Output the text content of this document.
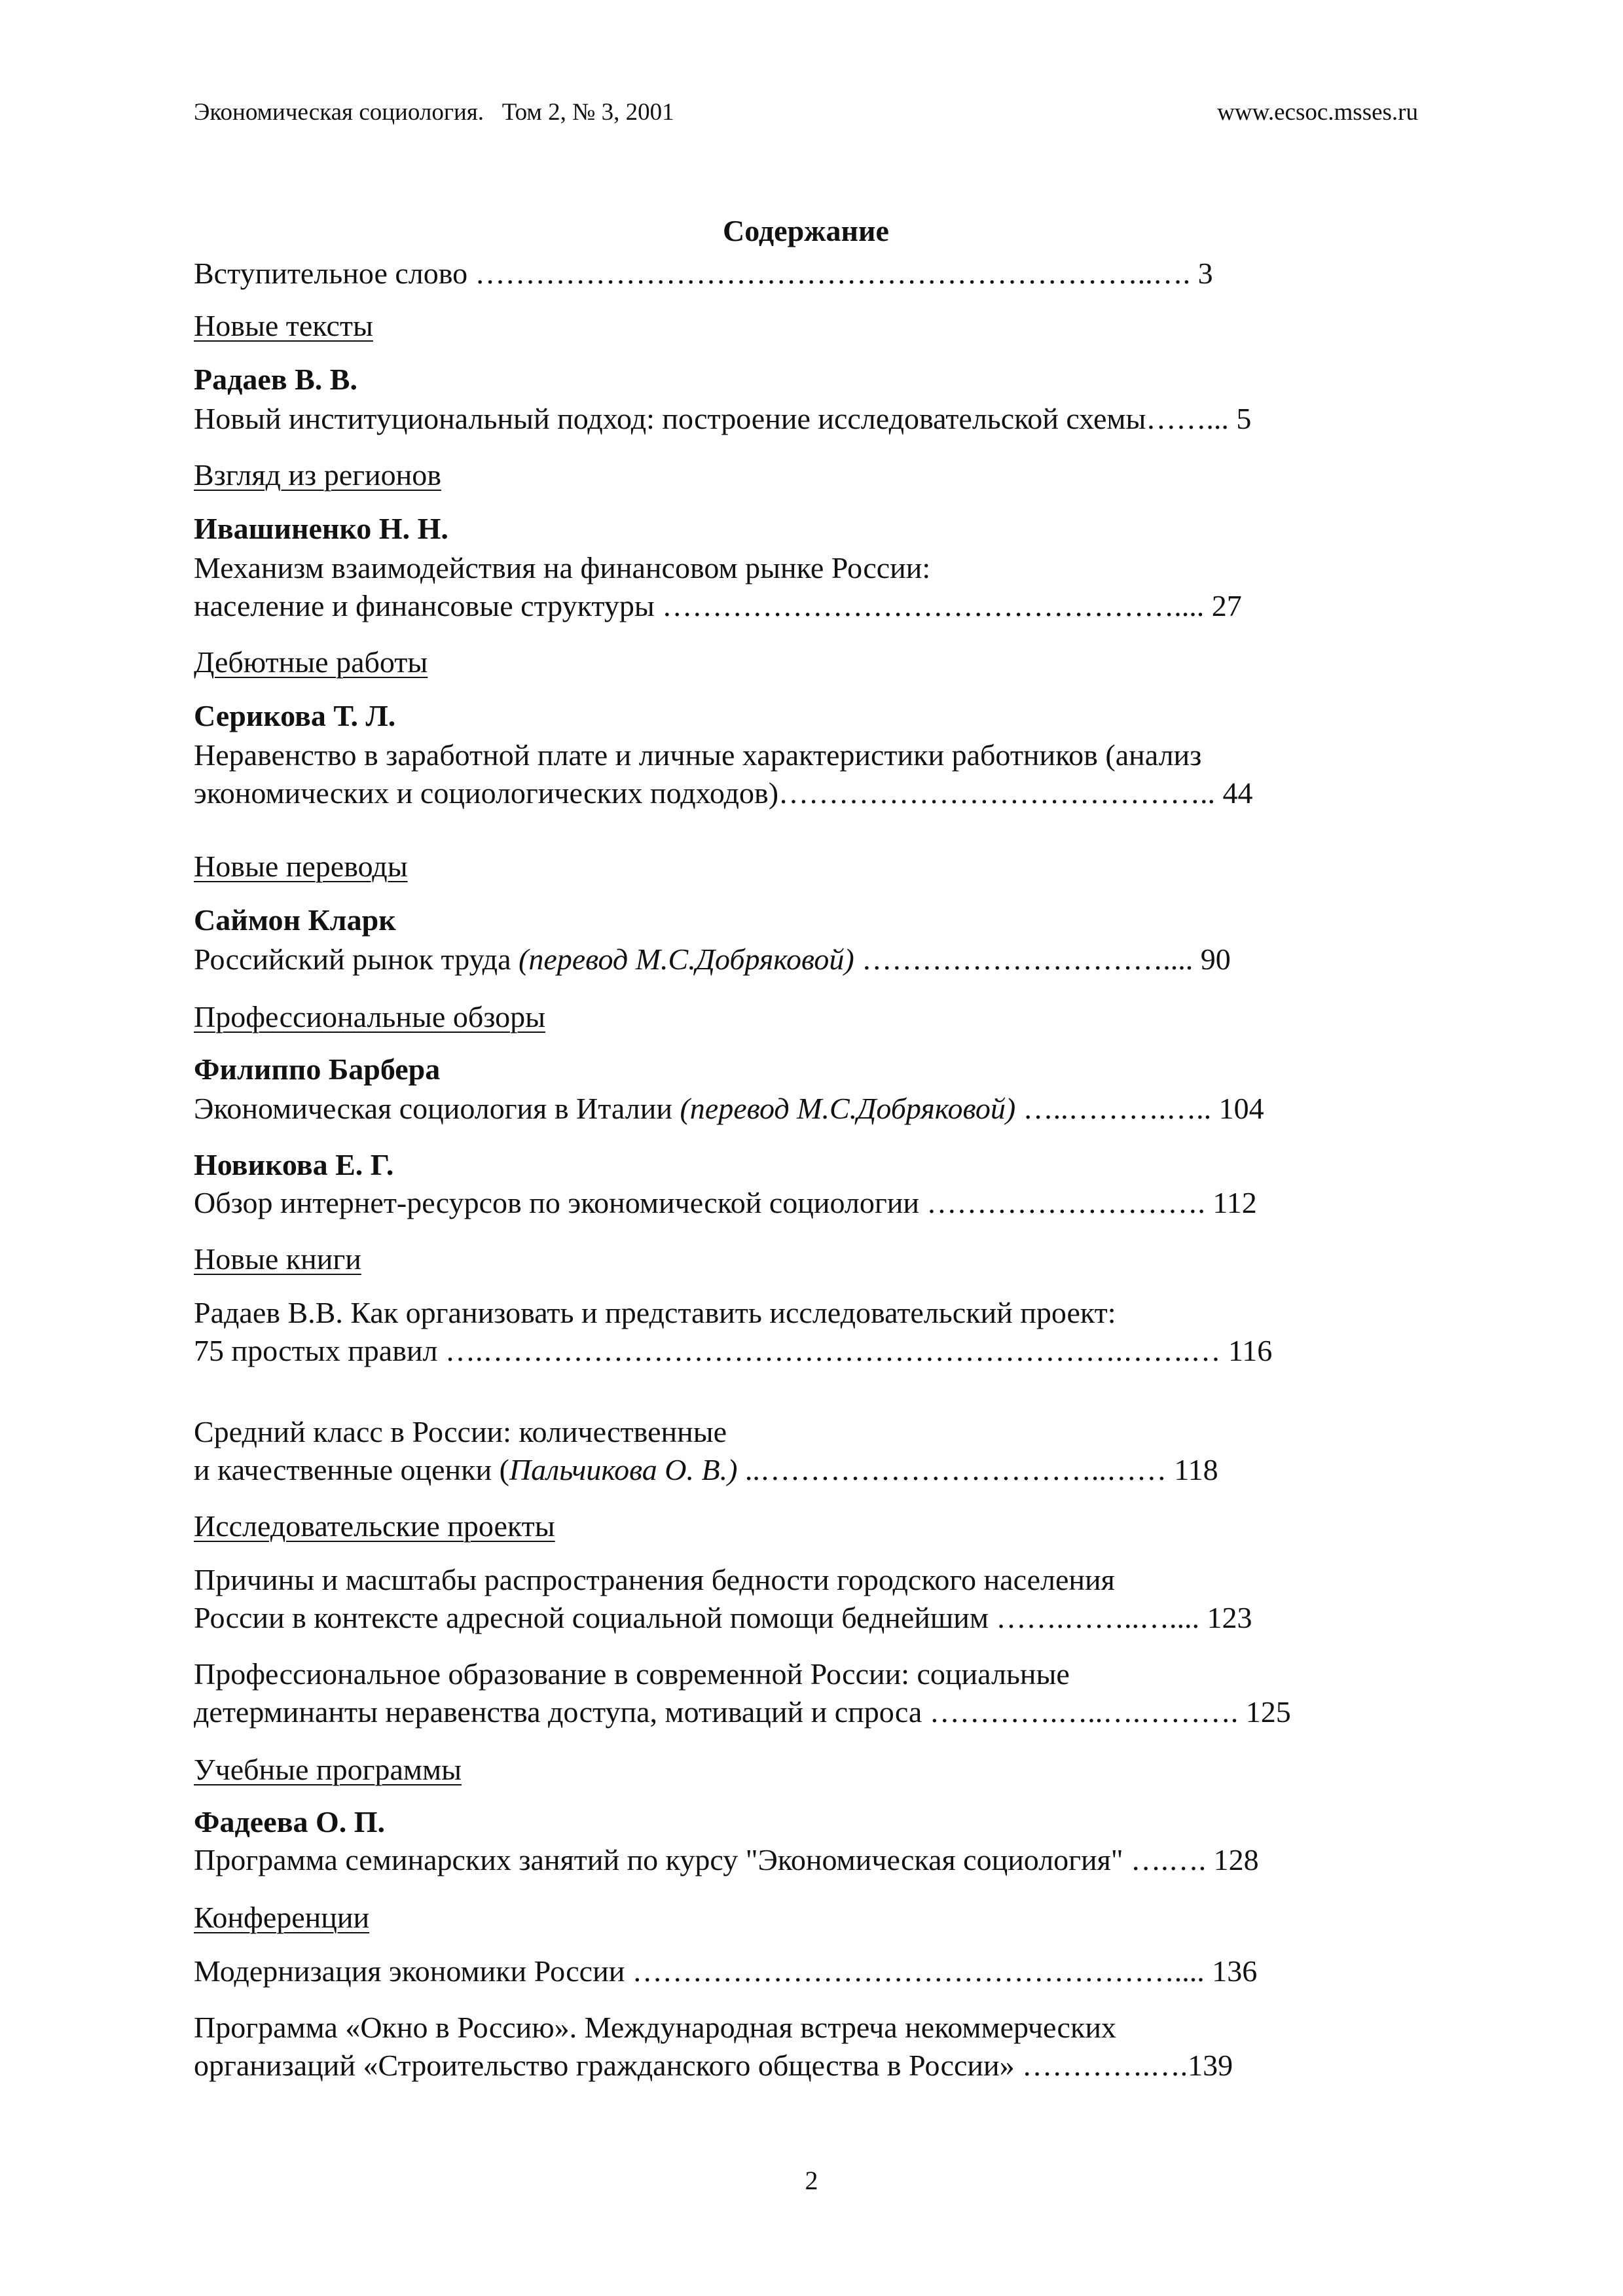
Экономическая социология.   Том 2, № 3, 2001	www.ecsoc.msses.ru
Содержание
Вступительное слово …………………………………………………………..…. 3
Новые тексты
Радаев В. В.
Новый институциональный подход: построение исследовательской схемы……... 5
Взгляд из регионов
Ивашиненко Н. Н.
Механизм взаимодействия на финансовом рынке России:
население и финансовые структуры …………………………………………….... 27
Дебютные работы
Серикова Т. Л.
Неравенство в заработной плате и личные характеристики работников (анализ
экономических и социологических подходов)…………………………………….. 44
Новые переводы
Саймон Кларк
Российский рынок труда (перевод М.С.Добряковой) ………………………….... 90
Профессиональные обзоры
Филиппо Барбера
Экономическая социология в Италии (перевод М.С.Добряковой) …..……….….. 104
Новикова Е. Г.
Обзор интернет-ресурсов по экономической социологии ………………………. 112
Новые книги
Радаев В.В. Как организовать и представить исследовательский проект:
75 простых правил ….……………………………………………………….…….… 116
Средний класс в России: количественные
и качественные оценки (Пальчикова О. В.) ..……………………………..…… 118
Исследовательские проекты
Причины и масштабы распространения бедности городского населения
России в контексте адресной социальной помощи беднейшим …….……..….... 123
Профессиональное образование в современной России: социальные
детерминанты неравенства доступа, мотиваций и спроса ………….…..….………. 125
Учебные программы
Фадеева О. П.
Программа семинарских занятий по курсу "Экономическая социология" ….…. 128
Конференции
Модернизация экономики России ……………………………………………….... 136
Программа «Окно в Россию». Международная встреча некоммерческих
организаций «Строительство гражданского общества в России» ………….….139
2
